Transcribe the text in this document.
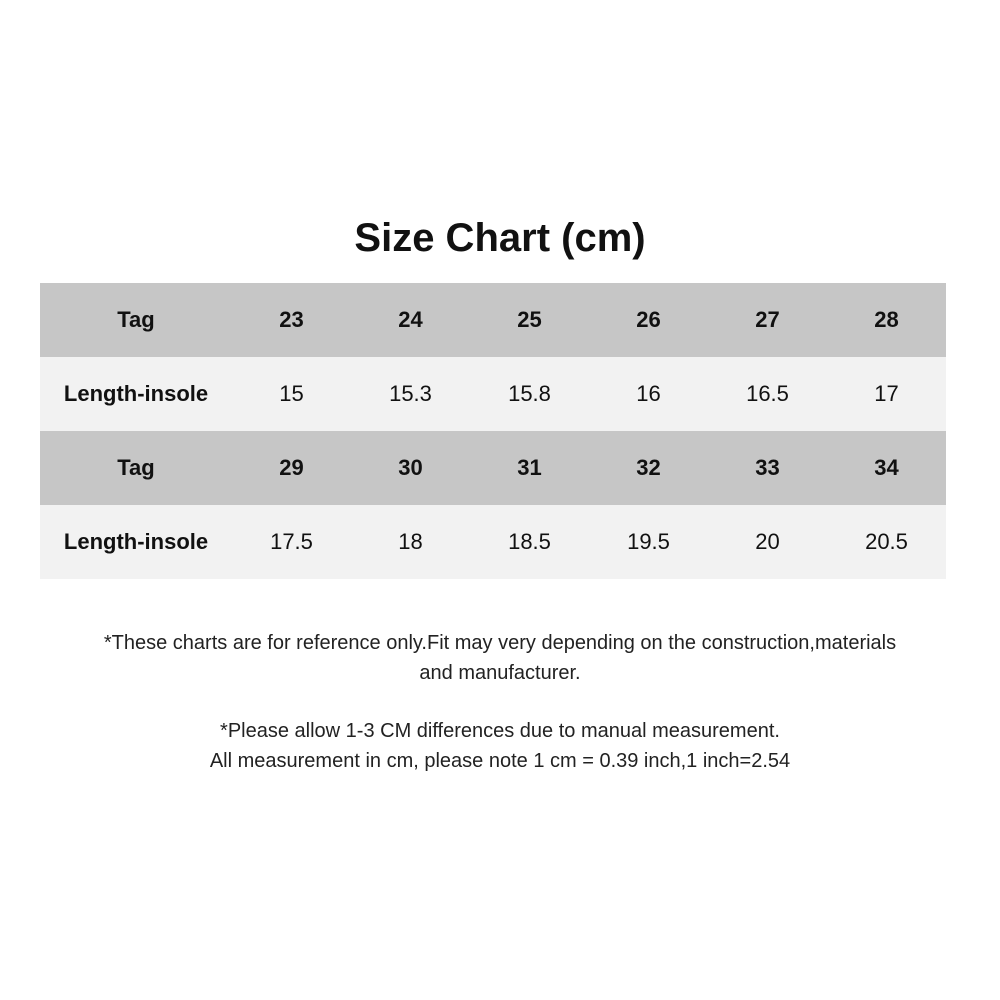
Size Chart (cm)
Tag	23	24	25	26	27	28
Length-insole	15	15.3	15.8	16	16.5	17
Tag	29	30	31	32	33	34
Length-insole	17.5	18	18.5	19.5	20	20.5
*These charts are for reference only.Fit may very depending on the construction,materials
and manufacturer.
*Please allow 1-3 CM differences due to manual measurement.
All measurement in cm, please note 1 cm = 0.39 inch,1 inch=2.54
